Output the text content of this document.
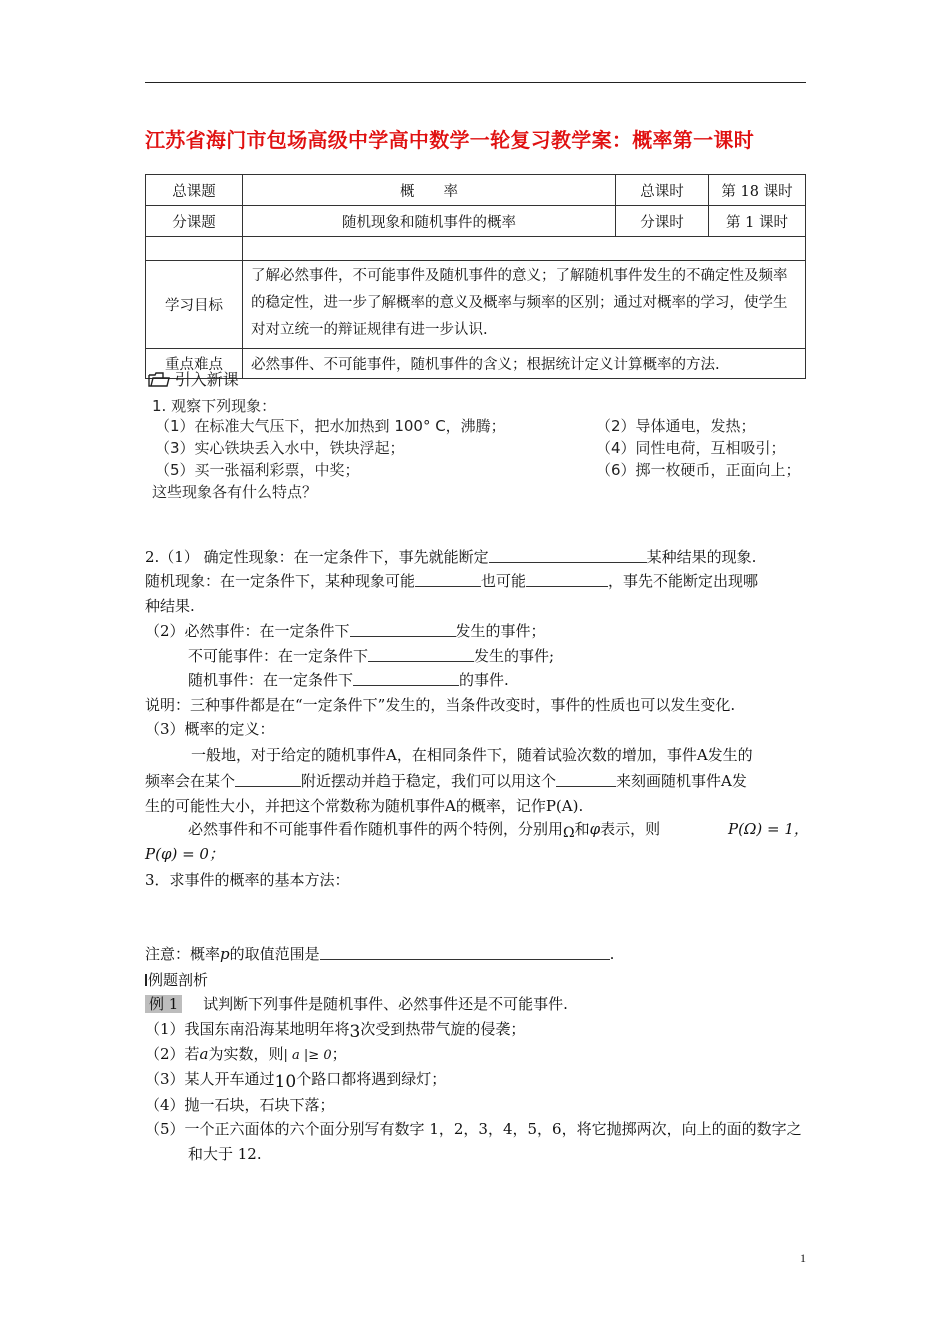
江苏省海门市包场高级中学高中数学一轮复习教学案：概率第一课时
总课题	概　　率	总课时	第 18 课时
分课题	随机现象和随机事件的概率	分课时	第 1 课时

学习目标	了解必然事件，不可能事件及随机事件的意义；了解随机事件发生的不确定性及频率的稳定性，进一步了解概率的意义及概率与频率的区别；通过对概率的学习，使学生对对立统一的辩证规律有进一步认识.		
重点难点	必然事件、不可能事件，随机事件的含义；根据统计定义计算概率的方法.		
引入新课
1. 观察下列现象：
（1）在标准大气压下，把水加热到 100° C，沸腾；	（2）导体通电，发热；
（3）实心铁块丢入水中，铁块浮起；	（4）同性电荷，互相吸引；
（5）买一张福利彩票，中奖；	（6）掷一枚硬币，正面向上；
这些现象各有什么特点？
2.（1） 确定性现象：在一定条件下，事先就能断定	某种结果的现象.
随机现象：在一定条件下，某种现象可能	也可能	，事先不能断定出现哪
种结果.
（2）必然事件：在一定条件下	发生的事件；
不可能事件：在一定条件下	发生的事件;
随机事件：在一定条件下	的事件.
说明：三种事件都是在“一定条件下”发生的，当条件改变时，事件的性质也可以发生变化.
（3）概率的定义：
一般地，对于给定的随机事件A，在相同条件下，随着试验次数的增加，事件A发生的
频率会在某个	附近摆动并趋于稳定，我们可以用这个	来刻画随机事件A发
生的可能性大小，并把这个常数称为随机事件A的概率，记作P(A).
必然事件和不可能事件看作随机事件的两个特例，分别用Ω和φ表示，则	P(Ω) = 1，
P(φ) = 0；
3．求事件的概率的基本方法：
注意：概率p的取值范围是	.
例题剖析
例 1 试判断下列事件是随机事件、必然事件还是不可能事件.
（1）我国东南沿海某地明年将3次受到热带气旋的侵袭；
（2）若a为实数，则| a |≥ 0；
（3）某人开车通过10个路口都将遇到绿灯；
（4）抛一石块，石块下落；
（5）一个正六面体的六个面分别写有数字 1，2，3，4，5，6，将它抛掷两次，向上的面的数字之
和大于 12.
1
